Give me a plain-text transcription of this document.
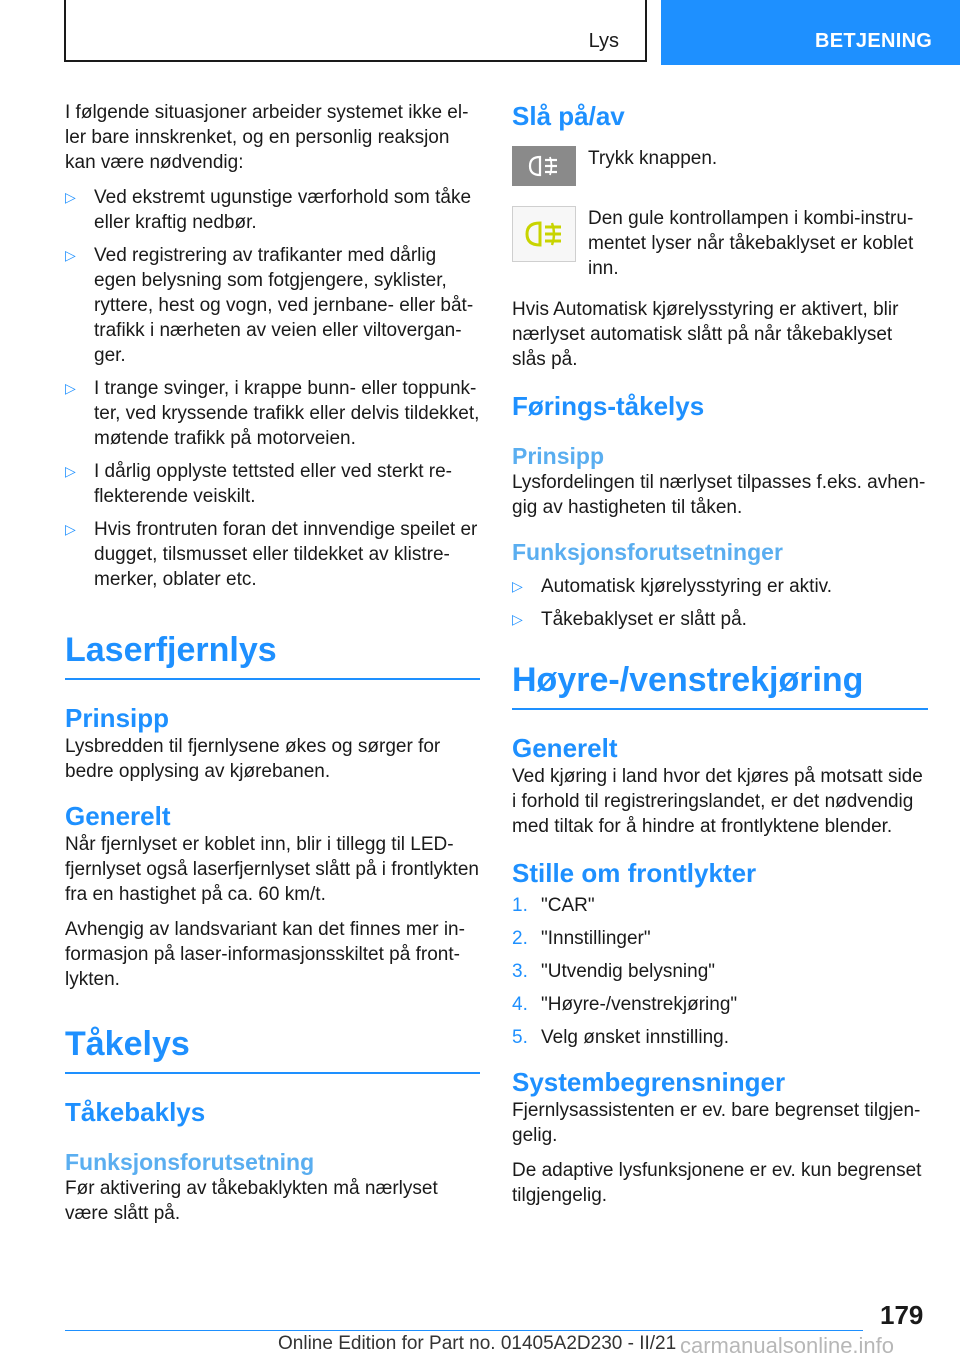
Lys	BETJENING

I følgende situasjoner arbeider systemet ikke eller bare innskrenket, og en personlig reaksjon kan være nødvendig:

▷ Ved ekstremt ugunstige værforhold som tåke eller kraftig nedbør.
▷ Ved registrering av trafikanter med dårlig egen belysning som fotgjengere, syklister, ryttere, hest og vogn, ved jernbane- eller båttrafikk i nærheten av veien eller viltoverganger.
▷ I trange svinger, i krappe bunn- eller toppunkter, ved kryssende trafikk eller delvis tildekket, møtende trafikk på motorveien.
▷ I dårlig opplyste tettsted eller ved sterkt reflekterende veiskilt.
▷ Hvis frontruten foran det innvendige speilet er dugget, tilsmusset eller tildekket av klistremerker, oblater etc.
Laserfjernlys
Prinsipp

Lysbredden til fjernlysene økes og sørger for bedre opplysing av kjørebanen.

Generelt

Når fjernlyset er koblet inn, blir i tillegg til LED-fjernlyset også laserfjernlyset slått på i frontlykten fra en hastighet på ca. 60 km/t.

Avhengig av landsvariant kan det finnes mer informasjon på laser-informasjonsskiltet på frontlykten.

Tåkelys
Tåkebaklys
Funksjonsforutsetning

Før aktivering av tåkebaklykten må nærlyset være slått på.

Slå på/av

Trykk knappen.

Den gule kontrollampen i kombi-instrumentet lyser når tåkebaklyset er koblet inn.

Hvis Automatisk kjørelysstyring er aktivert, blir nærlyset automatisk slått på når tåkebaklyset slås på.

Førings-tåkelys
Prinsipp

Lysfordelingen til nærlyset tilpasses f.eks. avhengig av hastigheten til tåken.

Funksjonsforutsetninger
▷ Automatisk kjørelysstyring er aktiv.
▷ Tåkebaklyset er slått på.
Høyre-/venstrekjøring
Generelt

Ved kjøring i land hvor det kjøres på motsatt side i forhold til registreringslandet, er det nødvendig med tiltak for å hindre at frontlyktene blender.

Stille om frontlykter
1. "CAR"
2. "Innstillinger"
3. "Utvendig belysning"
4. "Høyre-/venstrekjøring"
5. Velg ønsket innstilling.
Systembegrensninger

Fjernlysassistenten er ev. bare begrenset tilgjengelig.

De adaptive lysfunksjonene er ev. kun begrenset tilgjengelig.

179
Online Edition for Part no. 01405A2D230 - II/21 carmanualsonline.info
